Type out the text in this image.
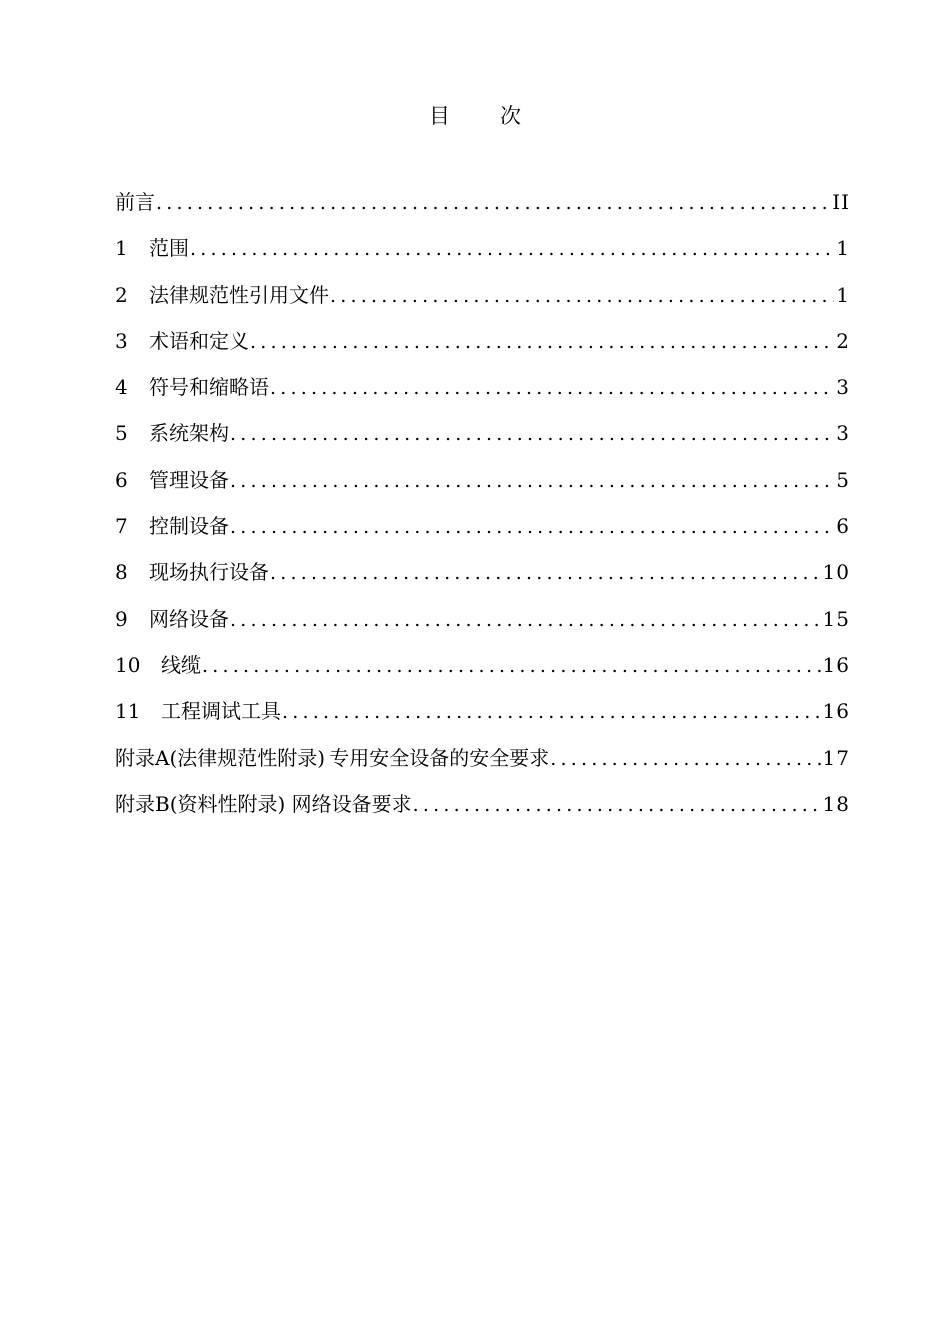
目 次
前言 .....	II
1	范围 .....	1
2	法律规范性引用文件 .....	1
3	术语和定义 .....	2
4	符号和缩略语 .....	3
5	系统架构 .....	3
6	管理设备 .....	5
7	控制设备 .....	6
8	现场执行设备 .....	10
9	网络设备 .....	15
10	线缆 .....	16
11	工程调试工具 .....	16
附录A(法律规范性附录) 专用安全设备的安全要求 .....	17
附录B(资料性附录) 网络设备要求 .....	18
